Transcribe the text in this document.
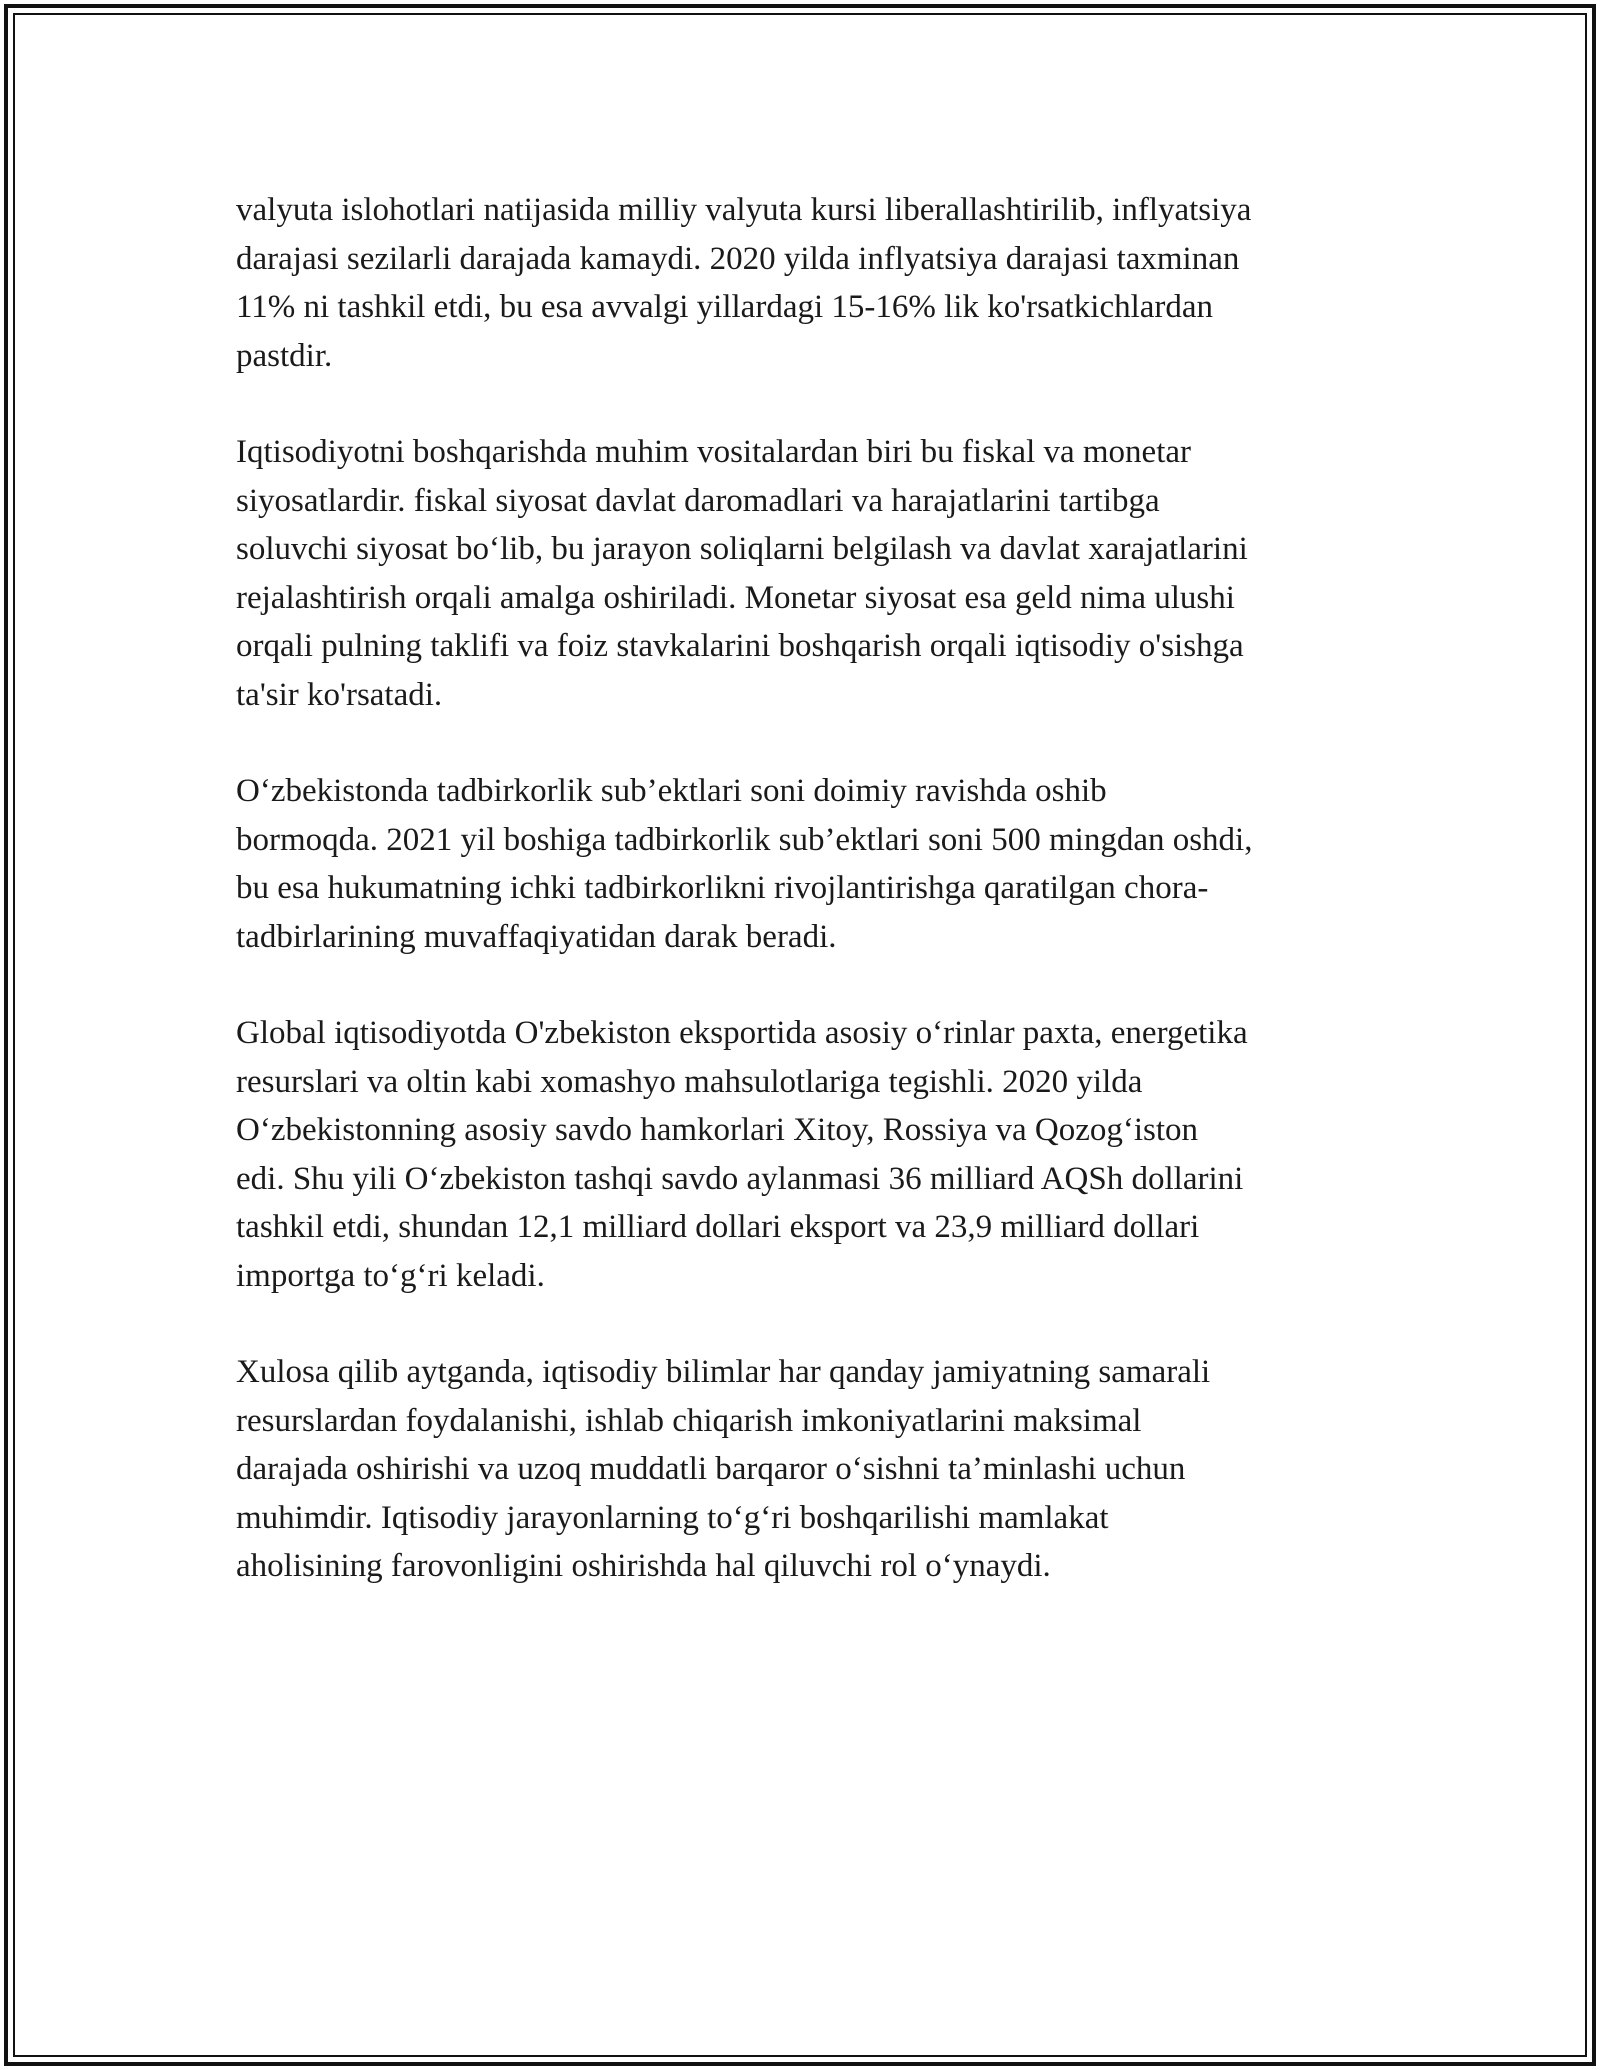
valyuta islohotlari natijasida milliy valyuta kursi liberallashtirilib, inflyatsiya
darajasi sezilarli darajada kamaydi. 2020 yilda inflyatsiya darajasi taxminan
11% ni tashkil etdi, bu esa avvalgi yillardagi 15-16% lik ko'rsatkichlardan
pastdir.

Iqtisodiyotni boshqarishda muhim vositalardan biri bu fiskal va monetar
siyosatlardir. fiskal siyosat davlat daromadlari va harajatlarini tartibga
soluvchi siyosat bo‘lib, bu jarayon soliqlarni belgilash va davlat xarajatlarini
rejalashtirish orqali amalga oshiriladi. Monetar siyosat esa geld nima ulushi
orqali pulning taklifi va foiz stavkalarini boshqarish orqali iqtisodiy o'sishga
ta'sir ko'rsatadi.

O‘zbekistonda tadbirkorlik sub’ektlari soni doimiy ravishda oshib
bormoqda. 2021 yil boshiga tadbirkorlik sub’ektlari soni 500 mingdan oshdi,
bu esa hukumatning ichki tadbirkorlikni rivojlantirishga qaratilgan chora-
tadbirlarining muvaffaqiyatidan darak beradi.

Global iqtisodiyotda O'zbekiston eksportida asosiy o‘rinlar paxta, energetika
resurslari va oltin kabi xomashyo mahsulotlariga tegishli. 2020 yilda
O‘zbekistonning asosiy savdo hamkorlari Xitoy, Rossiya va Qozog‘iston
edi. Shu yili O‘zbekiston tashqi savdo aylanmasi 36 milliard AQSh dollarini
tashkil etdi, shundan 12,1 milliard dollari eksport va 23,9 milliard dollari
importga to‘g‘ri keladi.

Xulosa qilib aytganda, iqtisodiy bilimlar har qanday jamiyatning samarali
resurslardan foydalanishi, ishlab chiqarish imkoniyatlarini maksimal
darajada oshirishi va uzoq muddatli barqaror o‘sishni ta’minlashi uchun
muhimdir. Iqtisodiy jarayonlarning to‘g‘ri boshqarilishi mamlakat
aholisining farovonligini oshirishda hal qiluvchi rol o‘ynaydi.
